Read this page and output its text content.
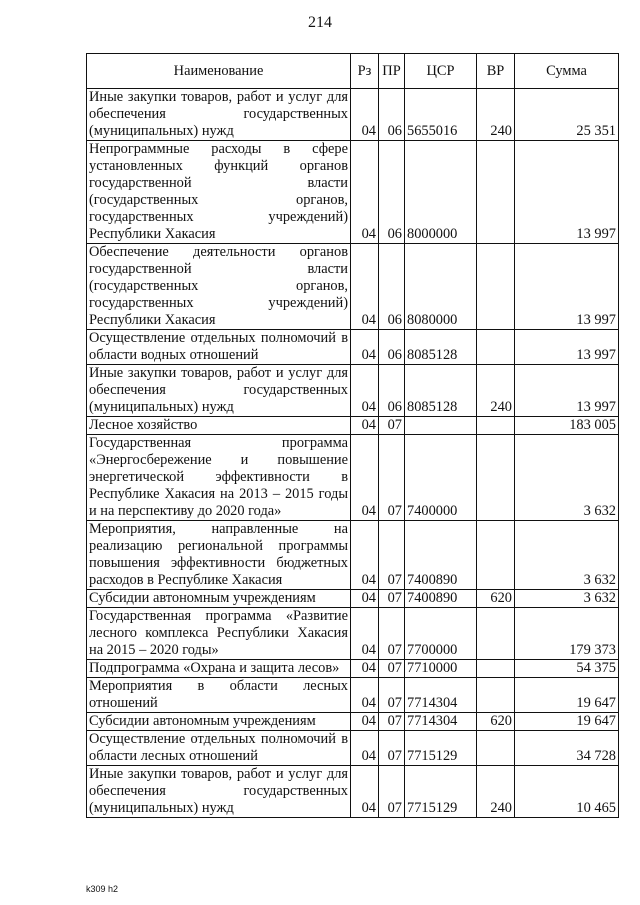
214
Наименование	Рз	ПР	ЦСР	ВР	Сумма
Иные закупки товаров, работ и услуг для обеспечения государственных (муниципальных) нужд	04	06	5655016	240	25 351
Непрограммные расходы в сфере установленных функций органов государственной власти (государственных органов, государственных учреждений) Республики Хакасия	04	06	8000000		13 997
Обеспечение деятельности органов государственной власти (государственных органов, государственных учреждений) Республики Хакасия	04	06	8080000		13 997
Осуществление отдельных полномочий в области водных отношений	04	06	8085128		13 997
Иные закупки товаров, работ и услуг для обеспечения государственных (муниципальных) нужд	04	06	8085128	240	13 997
Лесное хозяйство	04	07			183 005
Государственная программа «Энергосбережение и повышение энергетической эффективности в Республике Хакасия на 2013 – 2015 годы и на перспективу до 2020 года»	04	07	7400000		3 632
Мероприятия, направленные на реализацию региональной программы повышения эффективности бюджетных расходов в Республике Хакасия	04	07	7400890		3 632
Субсидии автономным учреждениям	04	07	7400890	620	3 632
Государственная программа «Развитие лесного комплекса Республики Хакасия на 2015 – 2020 годы»	04	07	7700000		179 373
Подпрограмма «Охрана и защита лесов»	04	07	7710000		54 375
Мероприятия в области лесных отношений	04	07	7714304		19 647
Субсидии автономным учреждениям	04	07	7714304	620	19 647
Осуществление отдельных полномочий в области лесных отношений	04	07	7715129		34 728
Иные закупки товаров, работ и услуг для обеспечения государственных (муниципальных) нужд	04	07	7715129	240	10 465
k309 h2
